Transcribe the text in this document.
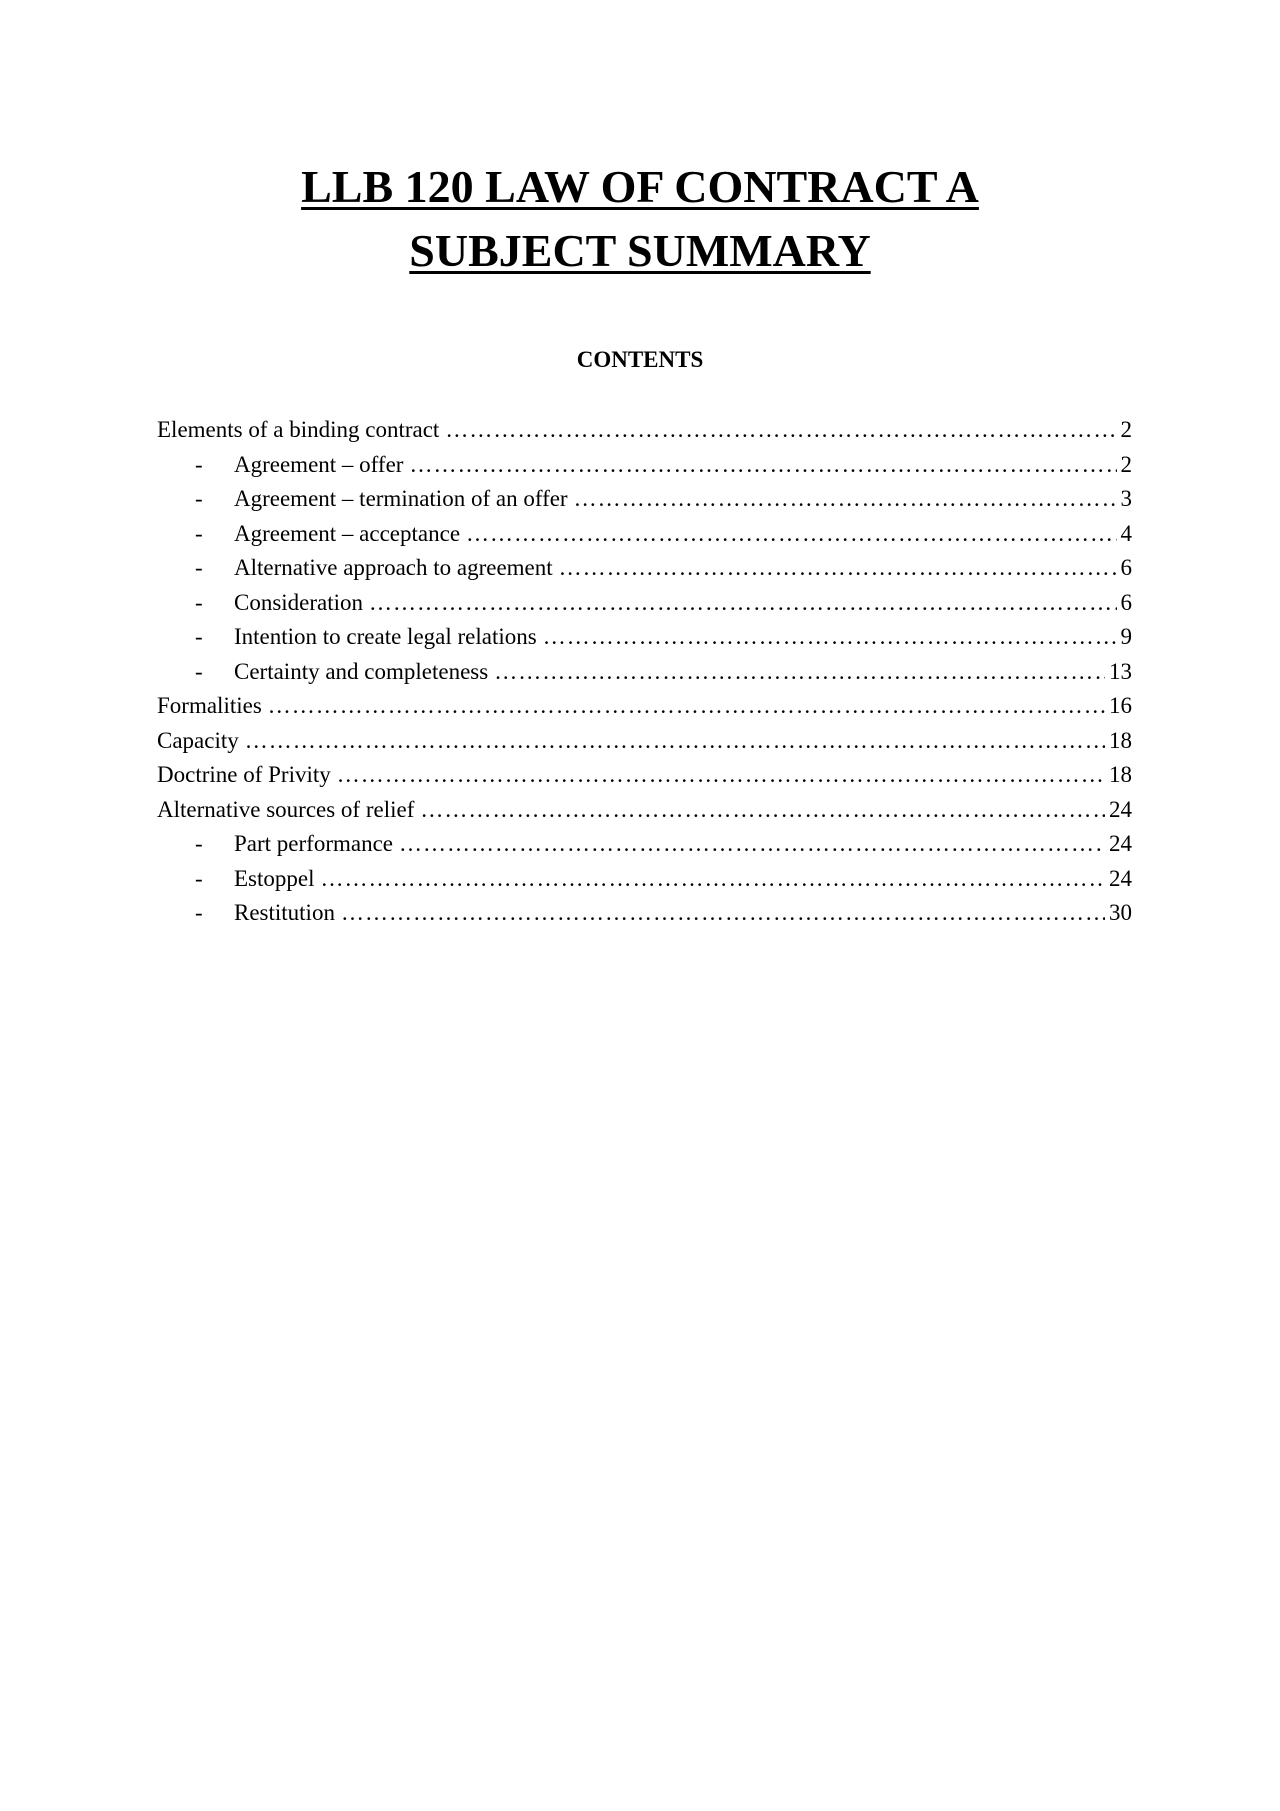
LLB 120 LAW OF CONTRACT A
SUBJECT SUMMARY
CONTENTS
Elements of a binding contract ……………………………………………………………………………………………………………………………………………………………………………	2
- Agreement – offer ……………………………………………………………………………………………………………………………………………………………………………	2
- Agreement – termination of an offer ……………………………………………………………………………………………………………………………………………………………………………	3
- Agreement – acceptance ……………………………………………………………………………………………………………………………………………………………………………	4
- Alternative approach to agreement ……………………………………………………………………………………………………………………………………………………………………………	6
- Consideration ……………………………………………………………………………………………………………………………………………………………………………	6
- Intention to create legal relations ……………………………………………………………………………………………………………………………………………………………………………	9
- Certainty and completeness ……………………………………………………………………………………………………………………………………………………………………………	13
Formalities ……………………………………………………………………………………………………………………………………………………………………………	16
Capacity ……………………………………………………………………………………………………………………………………………………………………………	18
Doctrine of Privity ……………………………………………………………………………………………………………………………………………………………………………	18
Alternative sources of relief ……………………………………………………………………………………………………………………………………………………………………………	24
- Part performance ……………………………………………………………………………………………………………………………………………………………………………	24
- Estoppel ……………………………………………………………………………………………………………………………………………………………………………	24
- Restitution ……………………………………………………………………………………………………………………………………………………………………………	30
